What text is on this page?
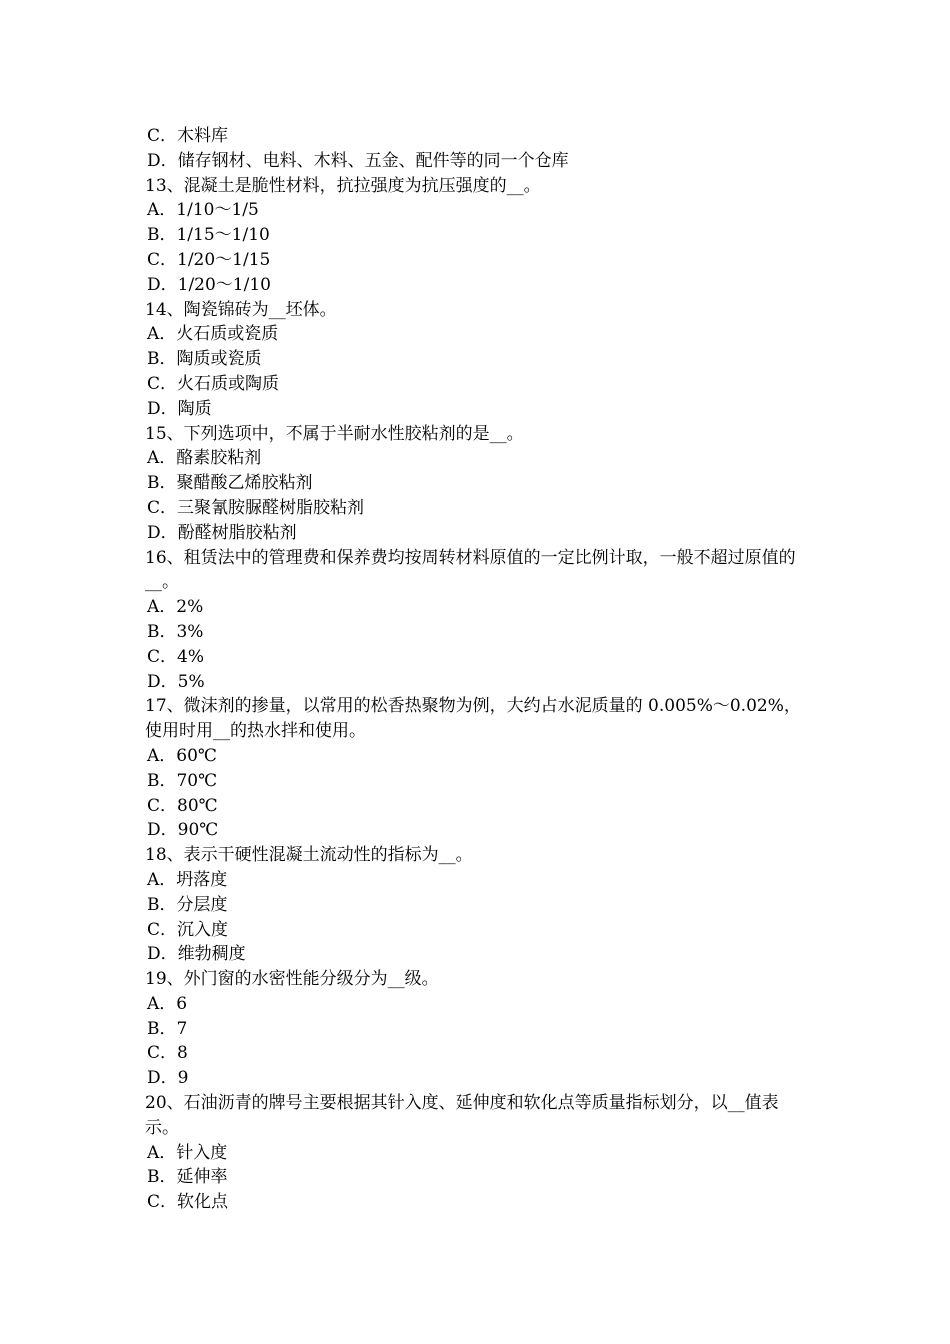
C．木料库
D．储存钢材、电料、木料、五金、配件等的同一个仓库
13、混凝土是脆性材料，抗拉强度为抗压强度的__。
A．1/10～1/5
B．1/15～1/10
C．1/20～1/15
D．1/20～1/10
14、陶瓷锦砖为__坯体。
A．火石质或瓷质
B．陶质或瓷质
C．火石质或陶质
D．陶质
15、下列选项中，不属于半耐水性胶粘剂的是__。
A．酪素胶粘剂
B．聚醋酸乙烯胶粘剂
C．三聚氰胺脲醛树脂胶粘剂
D．酚醛树脂胶粘剂
16、租赁法中的管理费和保养费均按周转材料原值的一定比例计取，一般不超过原值的__。
A．2%
B．3%
C．4%
D．5%
17、微沫剂的掺量，以常用的松香热聚物为例，大约占水泥质量的 0.005%～0.02%，使用时用__的热水拌和使用。
A．60℃
B．70℃
C．80℃
D．90℃
18、表示干硬性混凝土流动性的指标为__。
A．坍落度
B．分层度
C．沉入度
D．维勃稠度
19、外门窗的水密性能分级分为__级。
A．6
B．7
C．8
D．9
20、石油沥青的牌号主要根据其针入度、延伸度和软化点等质量指标划分，以__值表示。
A．针入度
B．延伸率
C．软化点
